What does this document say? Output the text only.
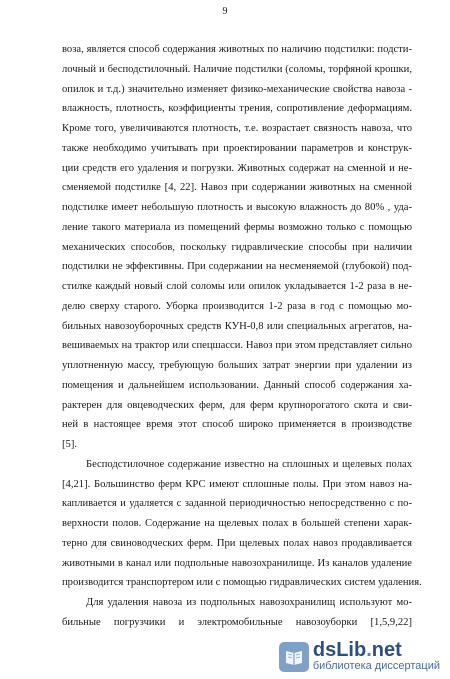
9
воза, является способ содержания животных по наличию подстилки: подсти-
лочный и бесподстилочный. Наличие подстилки (соломы, торфяной крошки,
опилок и т.д.) значительно изменяет физико-механические свойства навоза -
влажность, плотность, коэффициенты трения, сопротивление деформациям.
Кроме того, увеличиваются плотность, т.е. возрастает связность навоза, что
также необходимо учитывать при проектировании параметров и конструк-
ции средств его удаления и погрузки. Животных содержат на сменной и не-
сменяемой подстилке [4, 22]. Навоз при содержании животных на сменной
подстилке имеет небольшую плотность и высокую влажность до 80% , уда-
ление такого материала из помещений фермы возможно только с помощью
механических способов, поскольку гидравлические способы при наличии
подстилки не эффективны. При содержании на несменяемой (глубокой) под-
стилке каждый новый слой соломы или опилок укладывается 1-2 раза в не-
делю сверху старого. Уборка производится 1-2 раза в год с помощью мо-
бильных навозоуборочных средств КУН-0,8 или специальных агрегатов, на-
вешиваемых на трактор или спецшасси. Навоз при этом представляет сильно
уплотненную массу, требующую больших затрат энергии при удалении из
помещения и дальнейшем использовании. Данный способ содержания ха-
рактерен для овцеводческих ферм, для ферм крупнорогатого скота и сви-
ней в настоящее время этот способ широко применяется в производстве
[5].
Бесподстилочное содержание известно на сплошных и щелевых полах
[4,21]. Большинство ферм КРС имеют сплошные полы. При этом навоз на-
капливается и удаляется с заданной периодичностью непосредственно с по-
верхности полов. Содержание на щелевых полах в большей степени харак-
терно для свиноводческих ферм. При щелевых полах навоз продавливается
животными в канал или подпольные навозохранилище. Из каналов удаление
производится транспортером или с помощью гидравлических систем удаления.
Для удаления навоза из подпольных навозохранилищ используют мо-
бильные погрузчики и электромобильные навозоуборки [1,5,9,22]
dsLib.net
библиотека диссертаций
